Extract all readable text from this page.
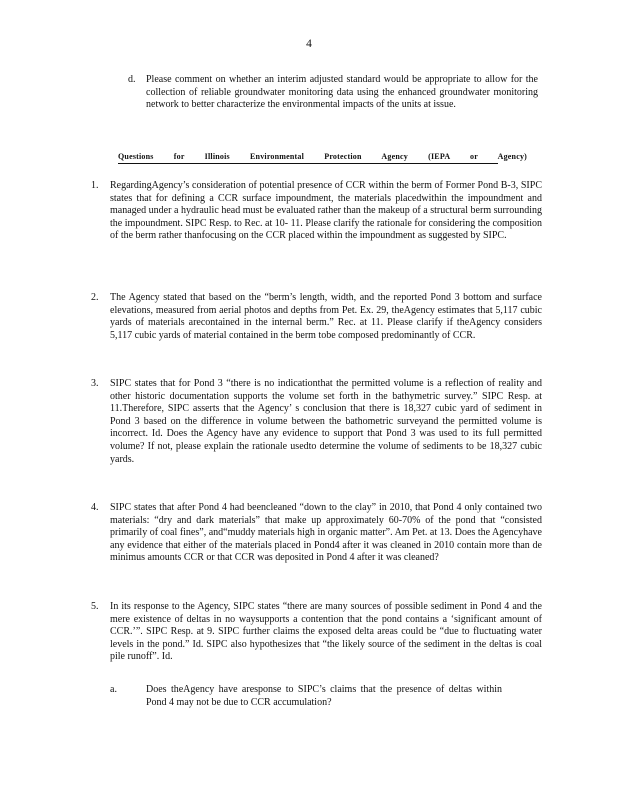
4
d. Please comment on whether an interim adjusted standard would be appropriate to allow for the collection of reliable groundwater monitoring data using the enhanced groundwater monitoring network to better characterize the environmental impacts of the units at issue.
Questions for Illinois Environmental Protection Agency (IEPA or Agency)
1. RegardingAgency’s consideration of potential presence of CCR within the berm of Former Pond B-3, SIPC states that for defining a CCR surface impoundment, the materials placedwithin the impoundment and managed under a hydraulic head must be evaluated rather than the makeup of a structural berm surrounding the impoundment. SIPC Resp. to Rec. at 10- 11. Please clarify the rationale for considering the composition of the berm rather thanfocusing on the CCR placed within the impoundment as suggested by SIPC.
2. The Agency stated that based on the “berm’s length, width, and the reported Pond 3 bottom and surface elevations, measured from aerial photos and depths from Pet. Ex. 29, theAgency estimates that 5,117 cubic yards of materials arecontained in the internal berm.” Rec. at 11. Please clarify if theAgency considers 5,117 cubic yards of material contained in the berm tobe composed predominantly of CCR.
3. SIPC states that for Pond 3 “there is no indicationthat the permitted volume is a reflection of reality and other historic documentation supports the volume set forth in the bathymetric survey.” SIPC Resp. at 11.Therefore, SIPC asserts that the Agency’ s conclusion that there is 18,327 cubic yard of sediment in Pond 3 based on the difference in volume between the bathometric surveyand the permitted volume is incorrect. Id. Does the Agency have any evidence to support that Pond 3 was used to its full permitted volume? If not, please explain the rationale usedto determine the volume of sediments to be 18,327 cubic yards.
4. SIPC states that after Pond 4 had beencleaned “down to the clay” in 2010, that Pond 4 only contained two materials: “dry and dark materials” that make up approximately 60-70% of the pond that “consisted primarily of coal fines”, and“muddy materials high in organic matter”. Am Pet. at 13. Does the Agencyhave any evidence that either of the materials placed in Pond4 after it was cleaned in 2010 contain more than de minimus amounts CCR or that CCR was deposited in Pond 4 after it was cleaned?
5. In its response to the Agency, SIPC states “there are many sources of possible sediment in Pond 4 and the mere existence of deltas in no waysupports a contention that the pond contains a ‘significant amount of CCR.’”. SIPC Resp. at 9. SIPC further claims the exposed delta areas could be “due to fluctuating water levels in the pond.” Id. SIPC also hypothesizes that “the likely source of the sediment in the deltas is coal pile runoff”. Id.
a.	Does theAgency have aresponse to SIPC’s claims that the presence of deltas within Pond 4 may not be due to CCR accumulation?
